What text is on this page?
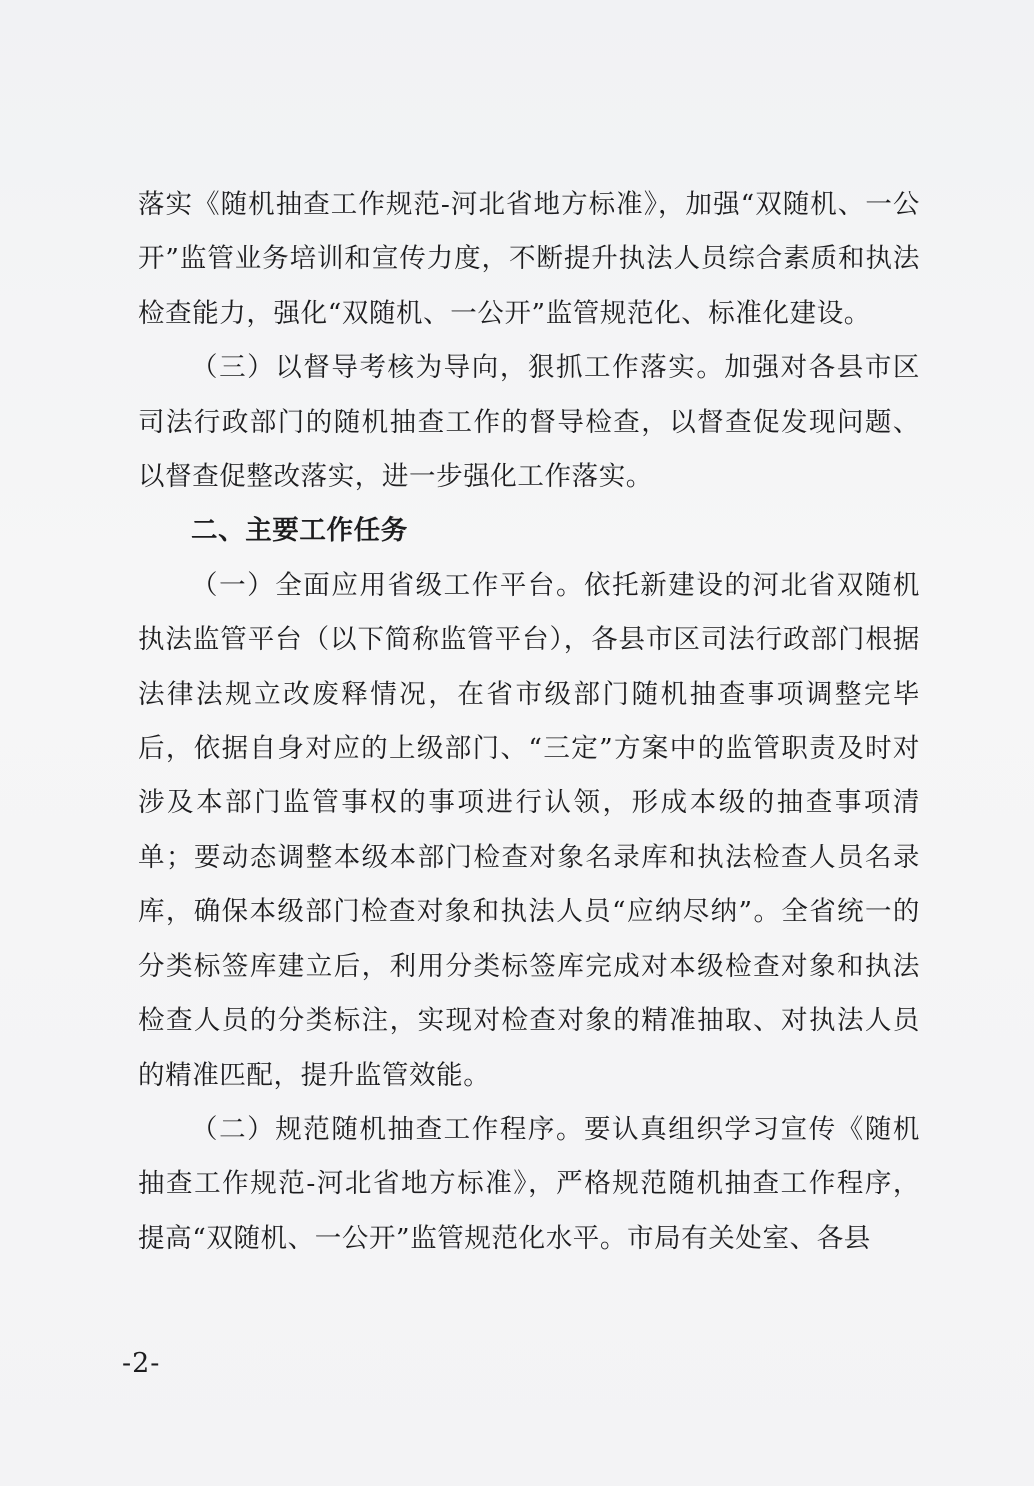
落实《随机抽查工作规范-河北省地方标准》，加强“双随机、一公开”监管业务培训和宣传力度，不断提升执法人员综合素质和执法检查能力，强化“双随机、一公开”监管规范化、标准化建设。

（三）以督导考核为导向，狠抓工作落实。加强对各县市区司法行政部门的随机抽查工作的督导检查，以督查促发现问题、以督查促整改落实，进一步强化工作落实。

二、主要工作任务

（一）全面应用省级工作平台。依托新建设的河北省双随机执法监管平台（以下简称监管平台），各县市区司法行政部门根据法律法规立改废释情况，在省市级部门随机抽查事项调整完毕后，依据自身对应的上级部门、“三定”方案中的监管职责及时对涉及本部门监管事权的事项进行认领，形成本级的抽查事项清单；要动态调整本级本部门检查对象名录库和执法检查人员名录库，确保本级部门检查对象和执法人员“应纳尽纳”。全省统一的分类标签库建立后，利用分类标签库完成对本级检查对象和执法检查人员的分类标注，实现对检查对象的精准抽取、对执法人员的精准匹配，提升监管效能。

（二）规范随机抽查工作程序。要认真组织学习宣传《随机抽查工作规范-河北省地方标准》，严格规范随机抽查工作程序，提高“双随机、一公开”监管规范化水平。市局有关处室、各县

-2-
